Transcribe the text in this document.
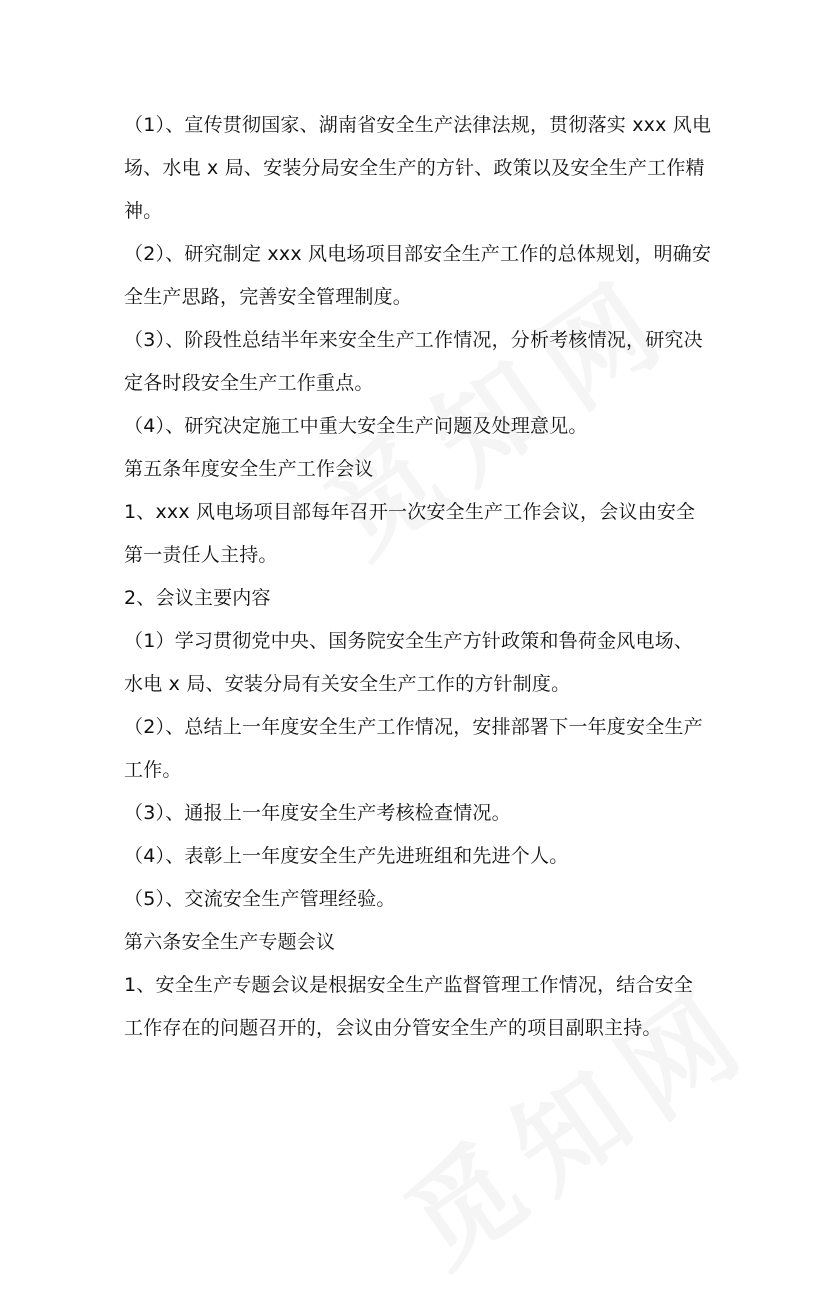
（1）、宣传贯彻国家、湖南省安全生产法律法规，贯彻落实 xxx 风电
场、水电 x 局、安装分局安全生产的方针、政策以及安全生产工作精
神。
（2）、研究制定 xxx 风电场项目部安全生产工作的总体规划，明确安
全生产思路，完善安全管理制度。
（3）、阶段性总结半年来安全生产工作情况，分析考核情况，研究决
定各时段安全生产工作重点。
（4）、研究决定施工中重大安全生产问题及处理意见。
第五条年度安全生产工作会议
1、xxx 风电场项目部每年召开一次安全生产工作会议，会议由安全
第一责任人主持。
2、会议主要内容
（1）学习贯彻党中央、国务院安全生产方针政策和鲁荷金风电场、
水电 x 局、安装分局有关安全生产工作的方针制度。
（2）、总结上一年度安全生产工作情况，安排部署下一年度安全生产
工作。
（3）、通报上一年度安全生产考核检查情况。
（4）、表彰上一年度安全生产先进班组和先进个人。
（5）、交流安全生产管理经验。
第六条安全生产专题会议
1、安全生产专题会议是根据安全生产监督管理工作情况，结合安全
工作存在的问题召开的，会议由分管安全生产的项目副职主持。
